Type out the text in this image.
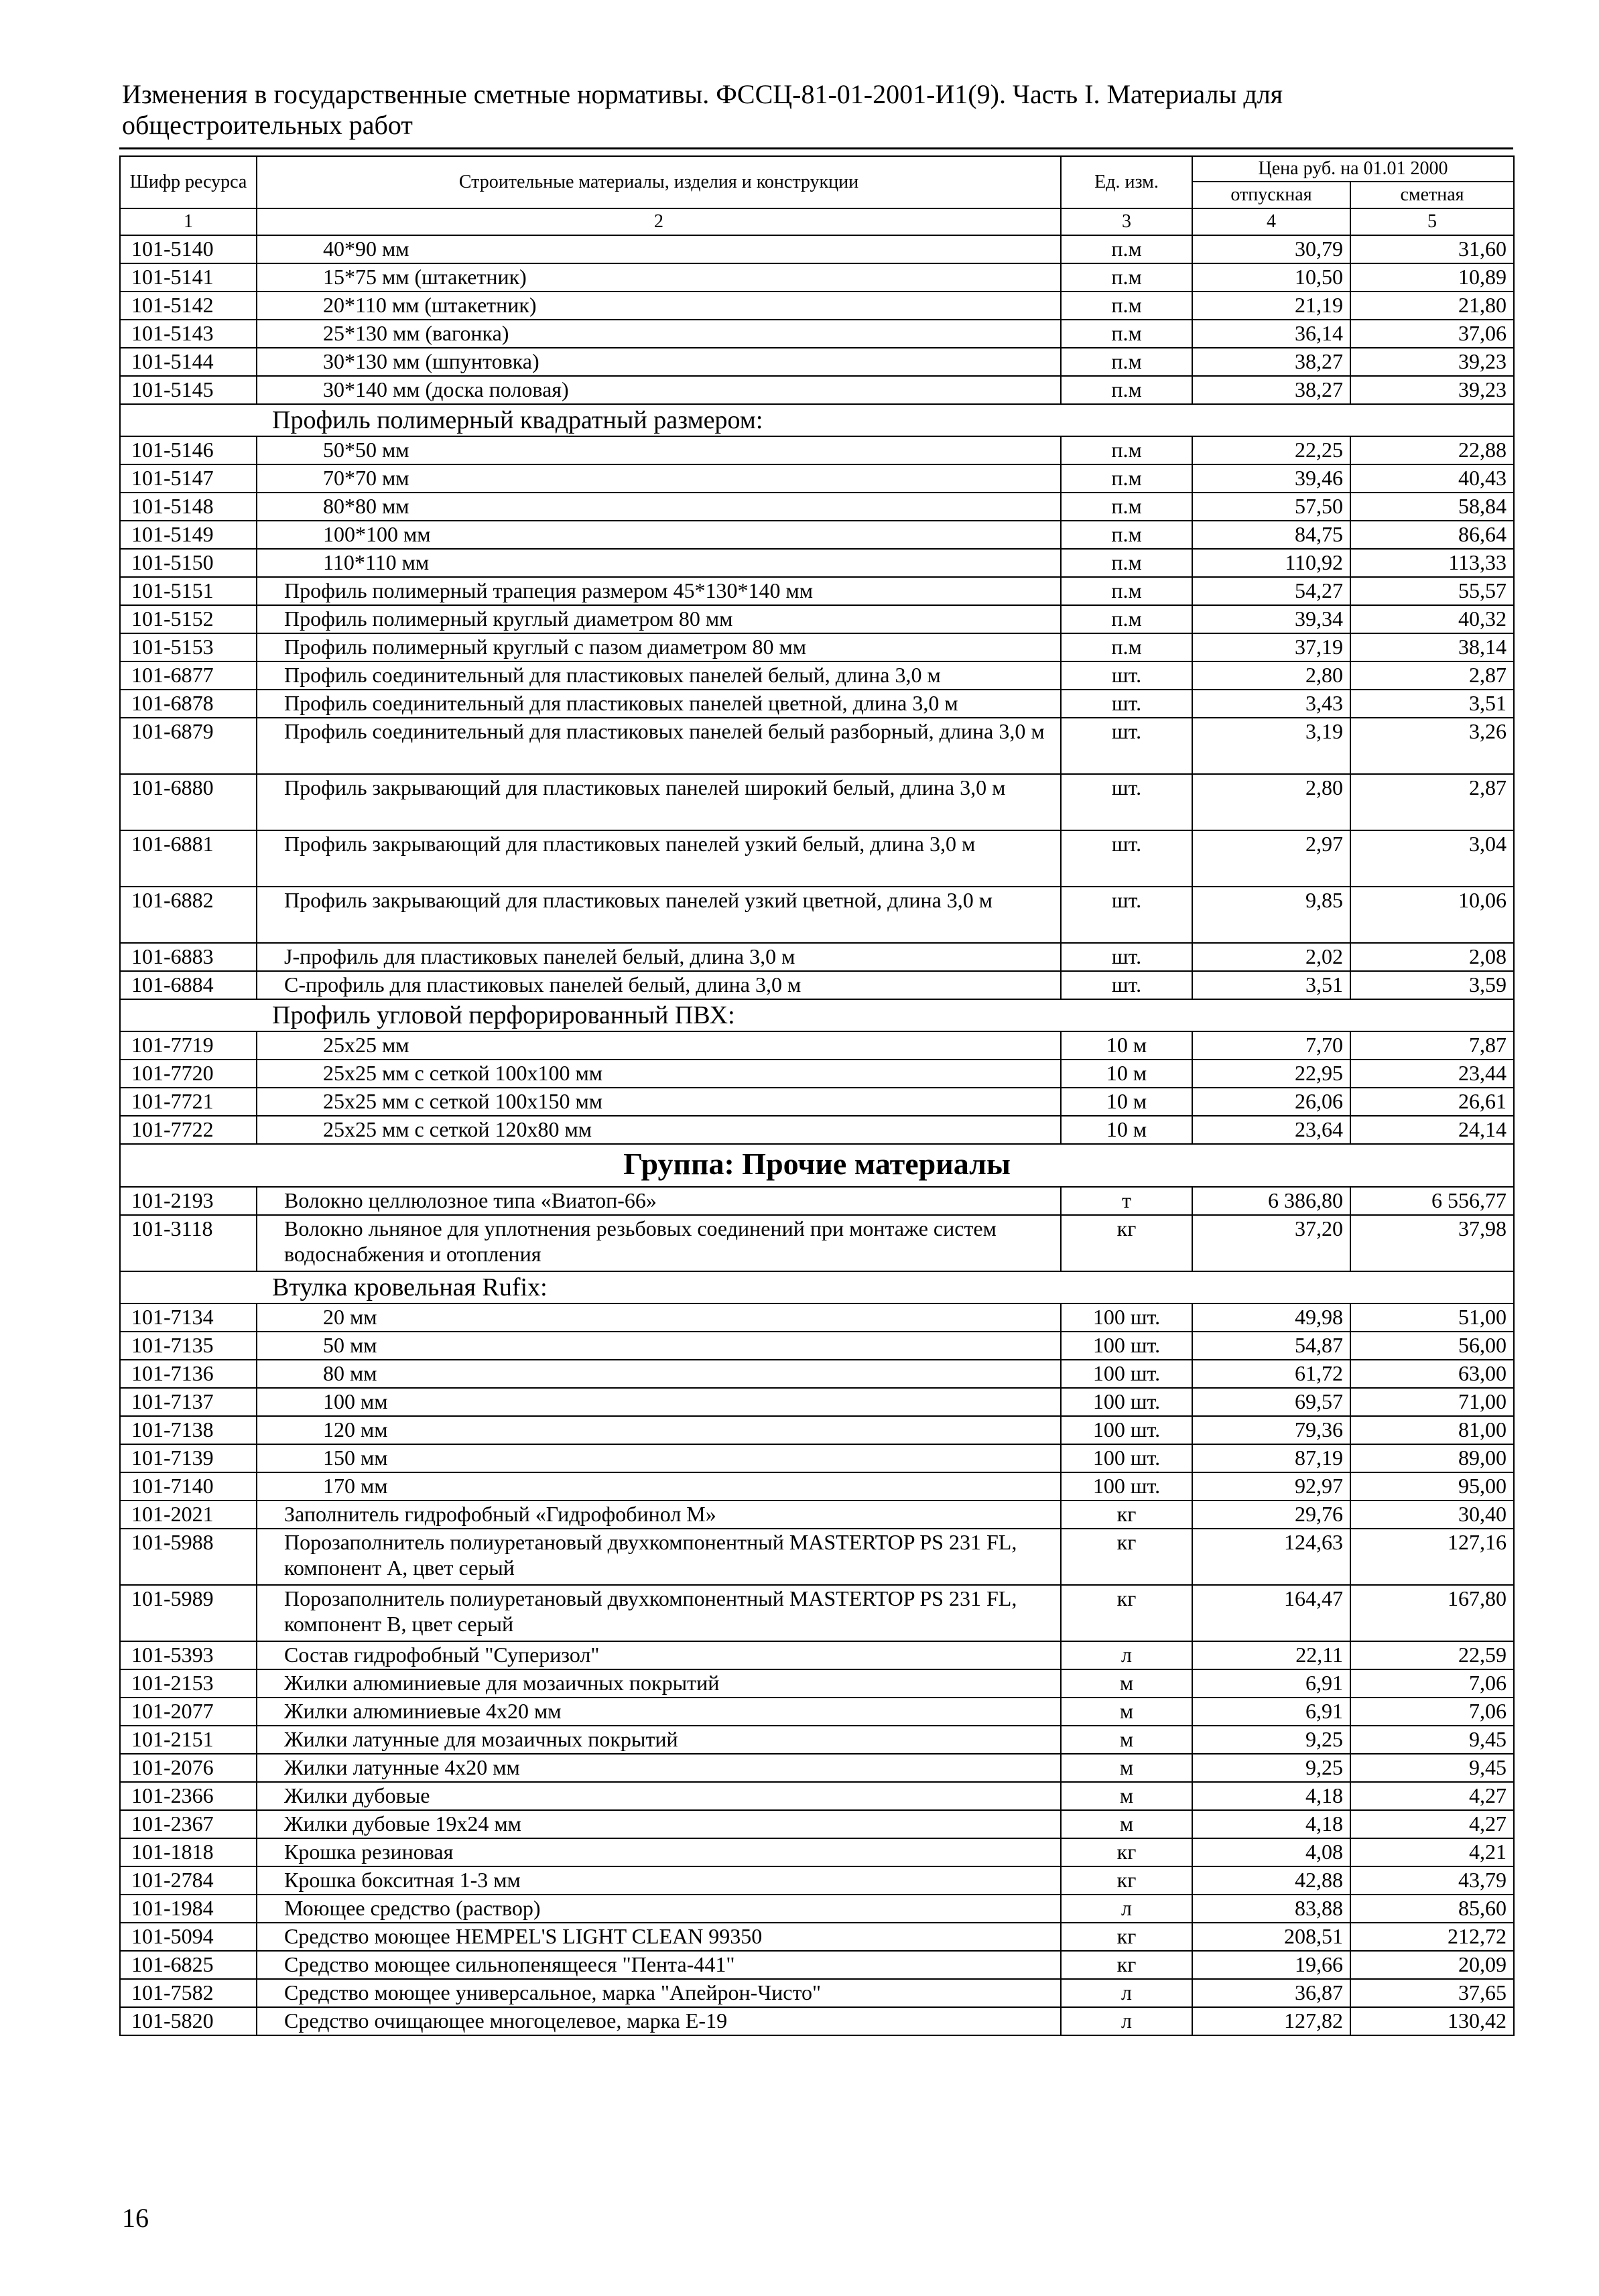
Изменения в государственные сметные нормативы. ФССЦ-81-01-2001-И1(9). Часть I. Материалы для общестроительных работ
Шифр ресурса	Строительные материалы, изделия и конструкции	Ед. изм.	Цена руб. на 01.01 2000	
			отпускная	сметная
1	2	3	4	5
101-5140	40*90 мм	п.м	30,79	31,60
101-5141	15*75 мм (штакетник)	п.м	10,50	10,89
101-5142	20*110 мм (штакетник)	п.м	21,19	21,80
101-5143	25*130 мм (вагонка)	п.м	36,14	37,06
101-5144	30*130 мм (шпунтовка)	п.м	38,27	39,23
101-5145	30*140 мм (доска половая)	п.м	38,27	39,23
Профиль полимерный квадратный размером:				
101-5146	50*50 мм	п.м	22,25	22,88
101-5147	70*70 мм	п.м	39,46	40,43
101-5148	80*80 мм	п.м	57,50	58,84
101-5149	100*100 мм	п.м	84,75	86,64
101-5150	110*110 мм	п.м	110,92	113,33
101-5151	Профиль полимерный трапеция размером 45*130*140 мм	п.м	54,27	55,57
101-5152	Профиль полимерный круглый диаметром 80 мм	п.м	39,34	40,32
101-5153	Профиль полимерный круглый с пазом диаметром 80 мм	п.м	37,19	38,14
101-6877	Профиль соединительный для пластиковых панелей белый, длина 3,0 м	шт.	2,80	2,87
101-6878	Профиль соединительный для пластиковых панелей цветной, длина 3,0 м	шт.	3,43	3,51
101-6879	Профиль соединительный для пластиковых панелей белый разборный, длина 3,0 м	шт.	3,19	3,26
101-6880	Профиль закрывающий для пластиковых панелей широкий белый, длина 3,0 м	шт.	2,80	2,87
101-6881	Профиль закрывающий для пластиковых панелей узкий белый, длина 3,0 м	шт.	2,97	3,04
101-6882	Профиль закрывающий для пластиковых панелей узкий цветной, длина 3,0 м	шт.	9,85	10,06
101-6883	J-профиль для пластиковых панелей белый, длина 3,0 м	шт.	2,02	2,08
101-6884	С-профиль для пластиковых панелей белый, длина 3,0 м	шт.	3,51	3,59
Профиль угловой перфорированный ПВХ:				
101-7719	25х25 мм	10 м	7,70	7,87
101-7720	25х25 мм с сеткой 100х100 мм	10 м	22,95	23,44
101-7721	25х25 мм с сеткой 100х150 мм	10 м	26,06	26,61
101-7722	25х25 мм с сеткой 120х80 мм	10 м	23,64	24,14
Группа: Прочие материалы				
101-2193	Волокно целлюлозное типа «Виатоп-66»	т	6 386,80	6 556,77
101-3118	Волокно льняное для уплотнения резьбовых соединений при монтаже систем водоснабжения и отопления	кг	37,20	37,98
Втулка кровельная Rufix:				
101-7134	20 мм	100 шт.	49,98	51,00
101-7135	50 мм	100 шт.	54,87	56,00
101-7136	80 мм	100 шт.	61,72	63,00
101-7137	100 мм	100 шт.	69,57	71,00
101-7138	120 мм	100 шт.	79,36	81,00
101-7139	150 мм	100 шт.	87,19	89,00
101-7140	170 мм	100 шт.	92,97	95,00
101-2021	Заполнитель гидрофобный «Гидрофобинол М»	кг	29,76	30,40
101-5988	Порозаполнитель полиуретановый двухкомпонентный MASTERTOP PS 231 FL, компонент А, цвет серый	кг	124,63	127,16
101-5989	Порозаполнитель полиуретановый двухкомпонентный MASTERTOP PS 231 FL, компонент В, цвет серый	кг	164,47	167,80
101-5393	Состав гидрофобный "Суперизол"	л	22,11	22,59
101-2153	Жилки алюминиевые для мозаичных покрытий	м	6,91	7,06
101-2077	Жилки алюминиевые 4х20 мм	м	6,91	7,06
101-2151	Жилки латунные для мозаичных покрытий	м	9,25	9,45
101-2076	Жилки латунные 4х20 мм	м	9,25	9,45
101-2366	Жилки дубовые	м	4,18	4,27
101-2367	Жилки дубовые 19х24 мм	м	4,18	4,27
101-1818	Крошка резиновая	кг	4,08	4,21
101-2784	Крошка бокситная 1-3 мм	кг	42,88	43,79
101-1984	Моющее средство (раствор)	л	83,88	85,60
101-5094	Средство моющее HEMPEL'S LIGHT CLEAN 99350	кг	208,51	212,72
101-6825	Средство моющее сильнопенящееся "Пента-441"	кг	19,66	20,09
101-7582	Средство моющее универсальное, марка "Апейрон-Чисто"	л	36,87	37,65
101-5820	Средство очищающее многоцелевое, марка Е-19	л	127,82	130,42
16
